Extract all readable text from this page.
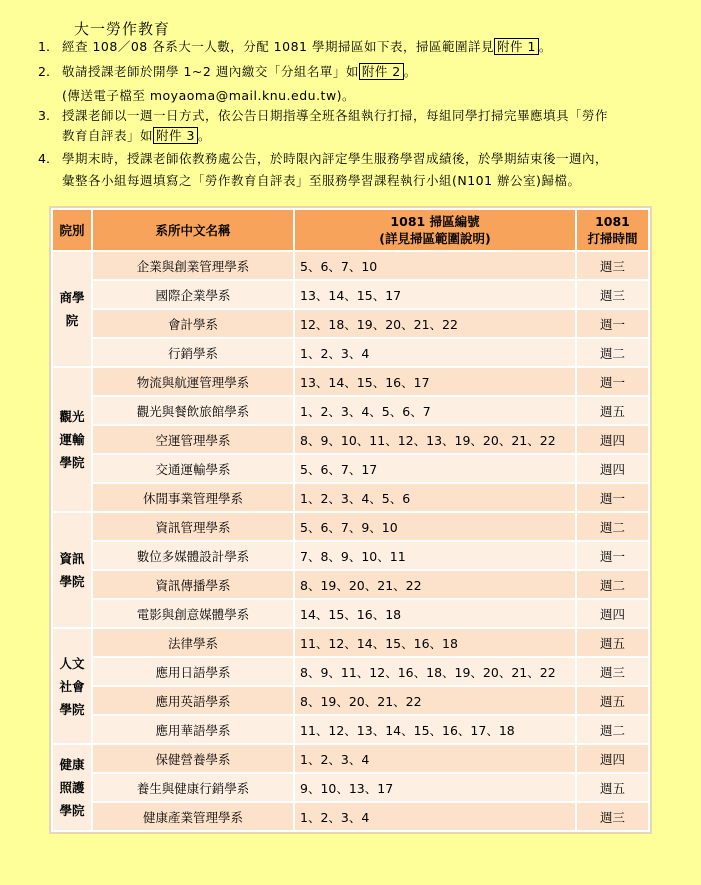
大一勞作教育
1. 經查 108／08 各系大一人數，分配 1081 學期掃區如下表，掃區範圍詳見 附件 1 。
2. 敬請授課老師於開學 1~2 週內繳交「分組名單」如 附件 2 。
(傳送電子檔至 moyaoma@mail.knu.edu.tw)。
3. 授課老師以一週一日方式，依公告日期指導全班各組執行打掃，每組同學打掃完畢應填具「勞作
教育自評表」如 附件 3 。
4. 學期末時，授課老師依教務處公告，於時限內評定學生服務學習成績後，於學期結束後一週內，
彙整各小組每週填寫之「勞作教育自評表」至服務學習課程執行小組(N101 辦公室)歸檔。
院別	系所中文名稱	1081 掃區編號
(詳見掃區範圍說明)	1081
打掃時間
商學
院	企業與創業管理學系	5、6、7、10	週三
	國際企業學系	13、14、15、17	週三
	會計學系	12、18、19、20、21、22	週一
	行銷學系	1、2、3、4	週二
觀光
運輸
學院	物流與航運管理學系	13、14、15、16、17	週一
	觀光與餐飲旅館學系	1、2、3、4、5、6、7	週五
	空運管理學系	8、9、10、11、12、13、19、20、21、22	週四
	交通運輸學系	5、6、7、17	週四
	休閒事業管理學系	1、2、3、4、5、6	週一
資訊
學院	資訊管理學系	5、6、7、9、10	週二
	數位多媒體設計學系	7、8、9、10、11	週一
	資訊傳播學系	8、19、20、21、22	週二
	電影與創意媒體學系	14、15、16、18	週四
人文
社會
學院	法律學系	11、12、14、15、16、18	週五
	應用日語學系	8、9、11、12、16、18、19、20、21、22	週三
	應用英語學系	8、19、20、21、22	週五
	應用華語學系	11、12、13、14、15、16、17、18	週二
健康
照護
學院	保健營養學系	1、2、3、4	週四
	養生與健康行銷學系	9、10、13、17	週五
	健康產業管理學系	1、2、3、4	週三
